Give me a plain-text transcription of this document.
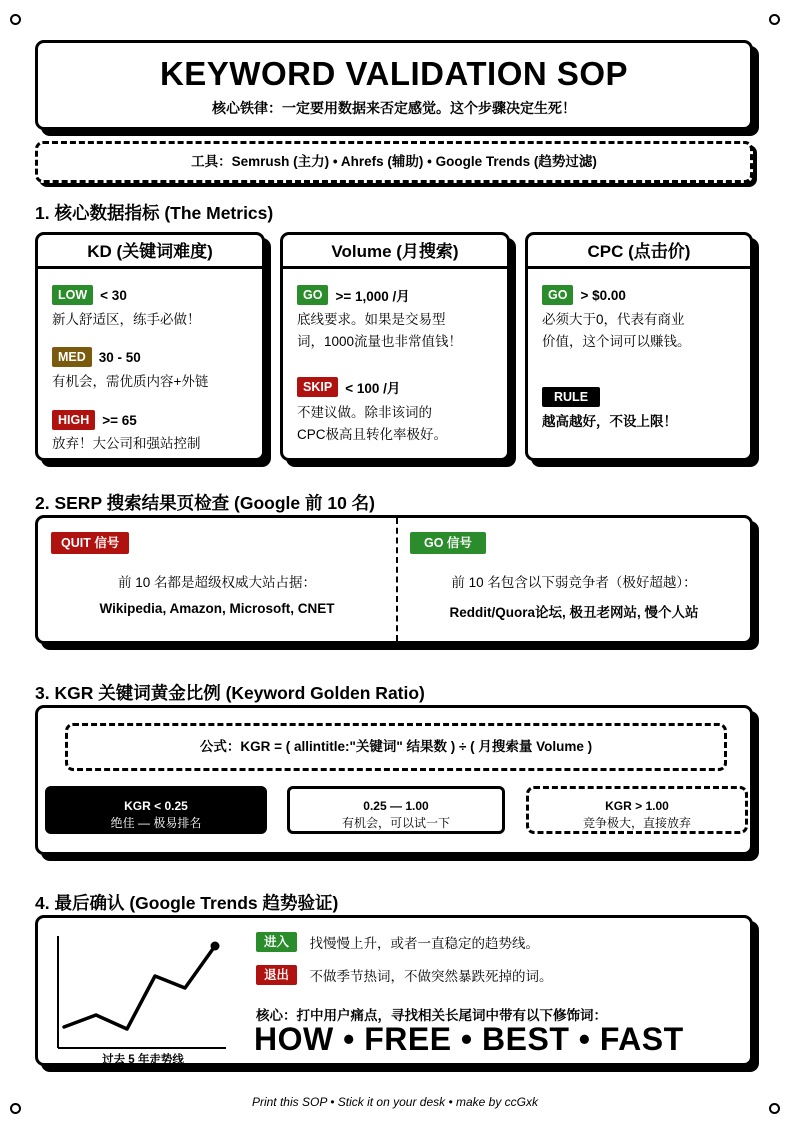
KEYWORD VALIDATION SOP
核心铁律：一定要用数据来否定感觉。这个步骤决定生死！
工具：Semrush (主力) • Ahrefs (辅助) • Google Trends (趋势过滤)
1. 核心数据指标 (The Metrics)
KD (关键词难度)
LOW < 30
新人舒适区，练手必做！
MED 30 - 50
有机会，需优质内容+外链
HIGH >= 65
放弃！大公司和强站控制
Volume (月搜索)
GO >= 1,000 /月
底线要求。如果是交易型
词，1000流量也非常值钱！
SKIP < 100 /月
不建议做。除非该词的
CPC极高且转化率极好。
CPC (点击价)
GO > $0.00
必须大于0，代表有商业
价值，这个词可以赚钱。
RULE
越高越好，不设上限！
2. SERP 搜索结果页检查 (Google 前 10 名)
QUIT 信号
前 10 名都是超级权威大站占据：
Wikipedia, Amazon, Microsoft, CNET
GO 信号
前 10 名包含以下弱竞争者（极好超越）：
Reddit/Quora论坛, 极丑老网站, 慢个人站
3. KGR 关键词黄金比例 (Keyword Golden Ratio)
公式：KGR = ( allintitle:"关键词" 结果数 ) ÷ ( 月搜索量 Volume )
KGR < 0.25
绝佳 — 极易排名
0.25 — 1.00
有机会，可以试一下
KGR > 1.00
竞争极大，直接放弃
4. 最后确认 (Google Trends 趋势验证)
过去 5 年走势线
进入 找慢慢上升，或者一直稳定的趋势线。
退出 不做季节热词，不做突然暴跌死掉的词。
核心：打中用户痛点，寻找相关长尾词中带有以下修饰词：
HOW • FREE • BEST • FAST
Print this SOP • Stick it on your desk • make by ccGxk
